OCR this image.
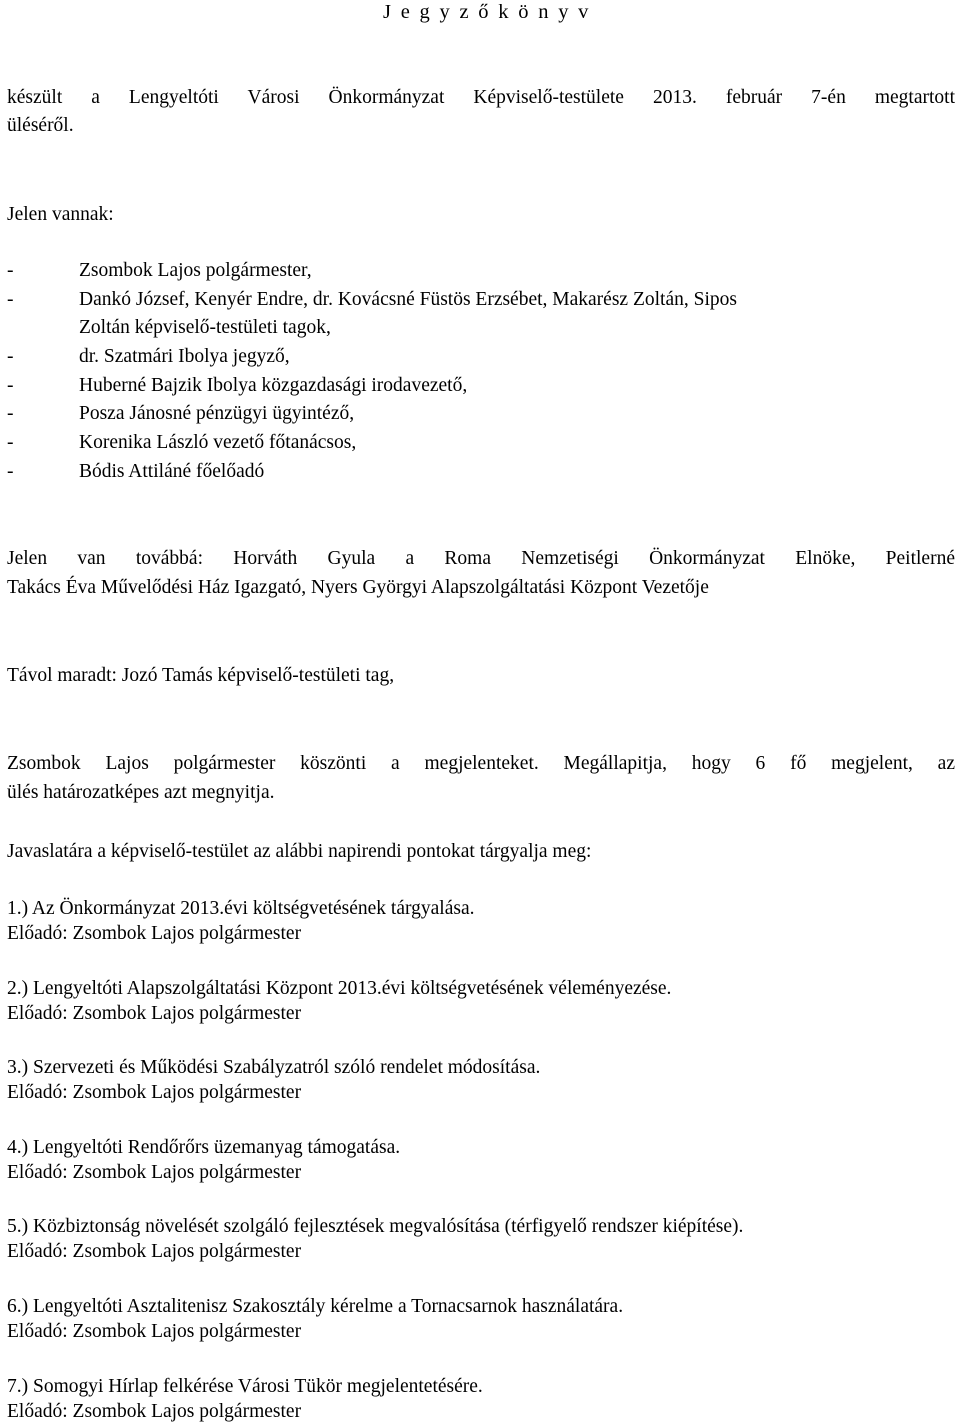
J e g y z ő k ö n y v
készült a Lengyeltóti Városi Önkormányzat Képviselő-testülete 2013. február 7-én megtartott
üléséről.
Jelen vannak:
-	Zsombok Lajos polgármester,
-	Dankó József, Kenyér Endre, dr. Kovácsné Füstös Erzsébet, Makarész Zoltán, Sipos
Zoltán képviselő-testületi tagok,
-	dr. Szatmári Ibolya jegyző,
-	Huberné Bajzik Ibolya közgazdasági irodavezető,
-	Posza Jánosné pénzügyi ügyintéző,
-	Korenika László vezető főtanácsos,
-	Bódis Attiláné főelőadó
Jelen van továbbá: Horváth Gyula a Roma Nemzetiségi Önkormányzat Elnöke, Peitlerné
Takács Éva Művelődési Ház Igazgató, Nyers Györgyi Alapszolgáltatási Központ Vezetője
Távol maradt: Jozó Tamás képviselő-testületi tag,
Zsombok Lajos polgármester köszönti a megjelenteket. Megállapitja, hogy 6 fő megjelent, az
ülés határozatképes azt megnyitja.
Javaslatára a képviselő-testület az alábbi napirendi pontokat tárgyalja meg:
1.) Az Önkormányzat 2013.évi költségvetésének tárgyalása.
Előadó: Zsombok Lajos polgármester
2.) Lengyeltóti Alapszolgáltatási Központ 2013.évi költségvetésének véleményezése.
Előadó: Zsombok Lajos polgármester
3.) Szervezeti és Működési Szabályzatról szóló rendelet módosítása.
Előadó: Zsombok Lajos polgármester
4.) Lengyeltóti Rendőrőrs üzemanyag támogatása.
Előadó: Zsombok Lajos polgármester
5.) Közbiztonság növelését szolgáló fejlesztések megvalósítása (térfigyelő rendszer kiépítése).
Előadó: Zsombok Lajos polgármester
6.) Lengyeltóti Asztalitenisz Szakosztály kérelme a Tornacsarnok használatára.
Előadó: Zsombok Lajos polgármester
7.) Somogyi Hírlap felkérése Városi Tükör megjelentetésére.
Előadó: Zsombok Lajos polgármester
